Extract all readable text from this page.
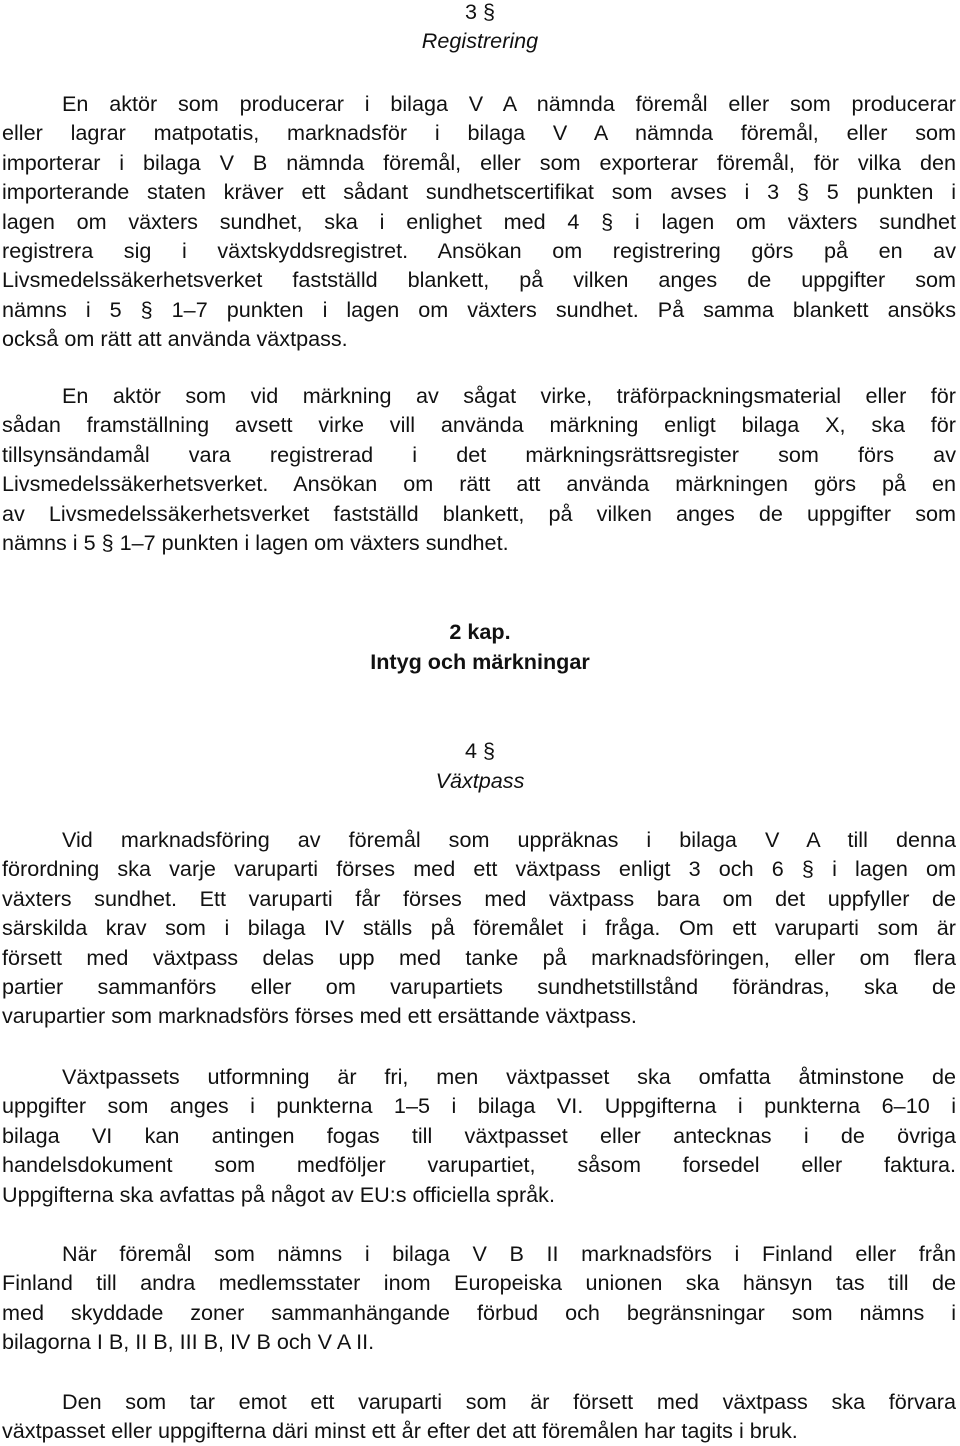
3 §

Registrering

En aktör som producerar i bilaga V A nämnda föremål eller som producerar
eller lagrar matpotatis, marknadsför i bilaga V A nämnda föremål, eller som
importerar i bilaga V B nämnda föremål, eller som exporterar föremål, för vilka den
importerande staten kräver ett sådant sundhetscertifikat som avses i 3 § 5 punkten i
lagen om växters sundhet, ska i enlighet med 4 § i lagen om växters sundhet
registrera sig i växtskyddsregistret. Ansökan om registrering görs på en av
Livsmedelssäkerhetsverket fastställd blankett, på vilken anges de uppgifter som
nämns i 5 § 1–7 punkten i lagen om växters sundhet. På samma blankett ansöks
också om rätt att använda växtpass.
En aktör som vid märkning av sågat virke, träförpackningsmaterial eller för
sådan framställning avsett virke vill använda märkning enligt bilaga X, ska för
tillsynsändamål vara registrerad i det märkningsrättsregister som förs av
Livsmedelssäkerhetsverket. Ansökan om rätt att använda märkningen görs på en
av Livsmedelssäkerhetsverket fastställd blankett, på vilken anges de uppgifter som
nämns i 5 § 1–7 punkten i lagen om växters sundhet.

2 kap.

Intyg och märkningar

4 §

Växtpass

Vid marknadsföring av föremål som uppräknas i bilaga V A till denna
förordning ska varje varuparti förses med ett växtpass enligt 3 och 6 § i lagen om
växters sundhet. Ett varuparti får förses med växtpass bara om det uppfyller de
särskilda krav som i bilaga IV ställs på föremålet i fråga. Om ett varuparti som är
försett med växtpass delas upp med tanke på marknadsföringen, eller om flera
partier sammanförs eller om varupartiets sundhetstillstånd förändras, ska de
varupartier som marknadsförs förses med ett ersättande växtpass.
Växtpassets utformning är fri, men växtpasset ska omfatta åtminstone de
uppgifter som anges i punkterna 1–5 i bilaga VI. Uppgifterna i punkterna 6–10 i
bilaga VI kan antingen fogas till växtpasset eller antecknas i de övriga
handelsdokument som medföljer varupartiet, såsom forsedel eller faktura.
Uppgifterna ska avfattas på något av EU:s officiella språk.
När föremål som nämns i bilaga V B II marknadsförs i Finland eller från
Finland till andra medlemsstater inom Europeiska unionen ska hänsyn tas till de
med skyddade zoner sammanhängande förbud och begränsningar som nämns i
bilagorna I B, II B, III B, IV B och V A II.
Den som tar emot ett varuparti som är försett med växtpass ska förvara
växtpasset eller uppgifterna däri minst ett år efter det att föremålen har tagits i bruk.
